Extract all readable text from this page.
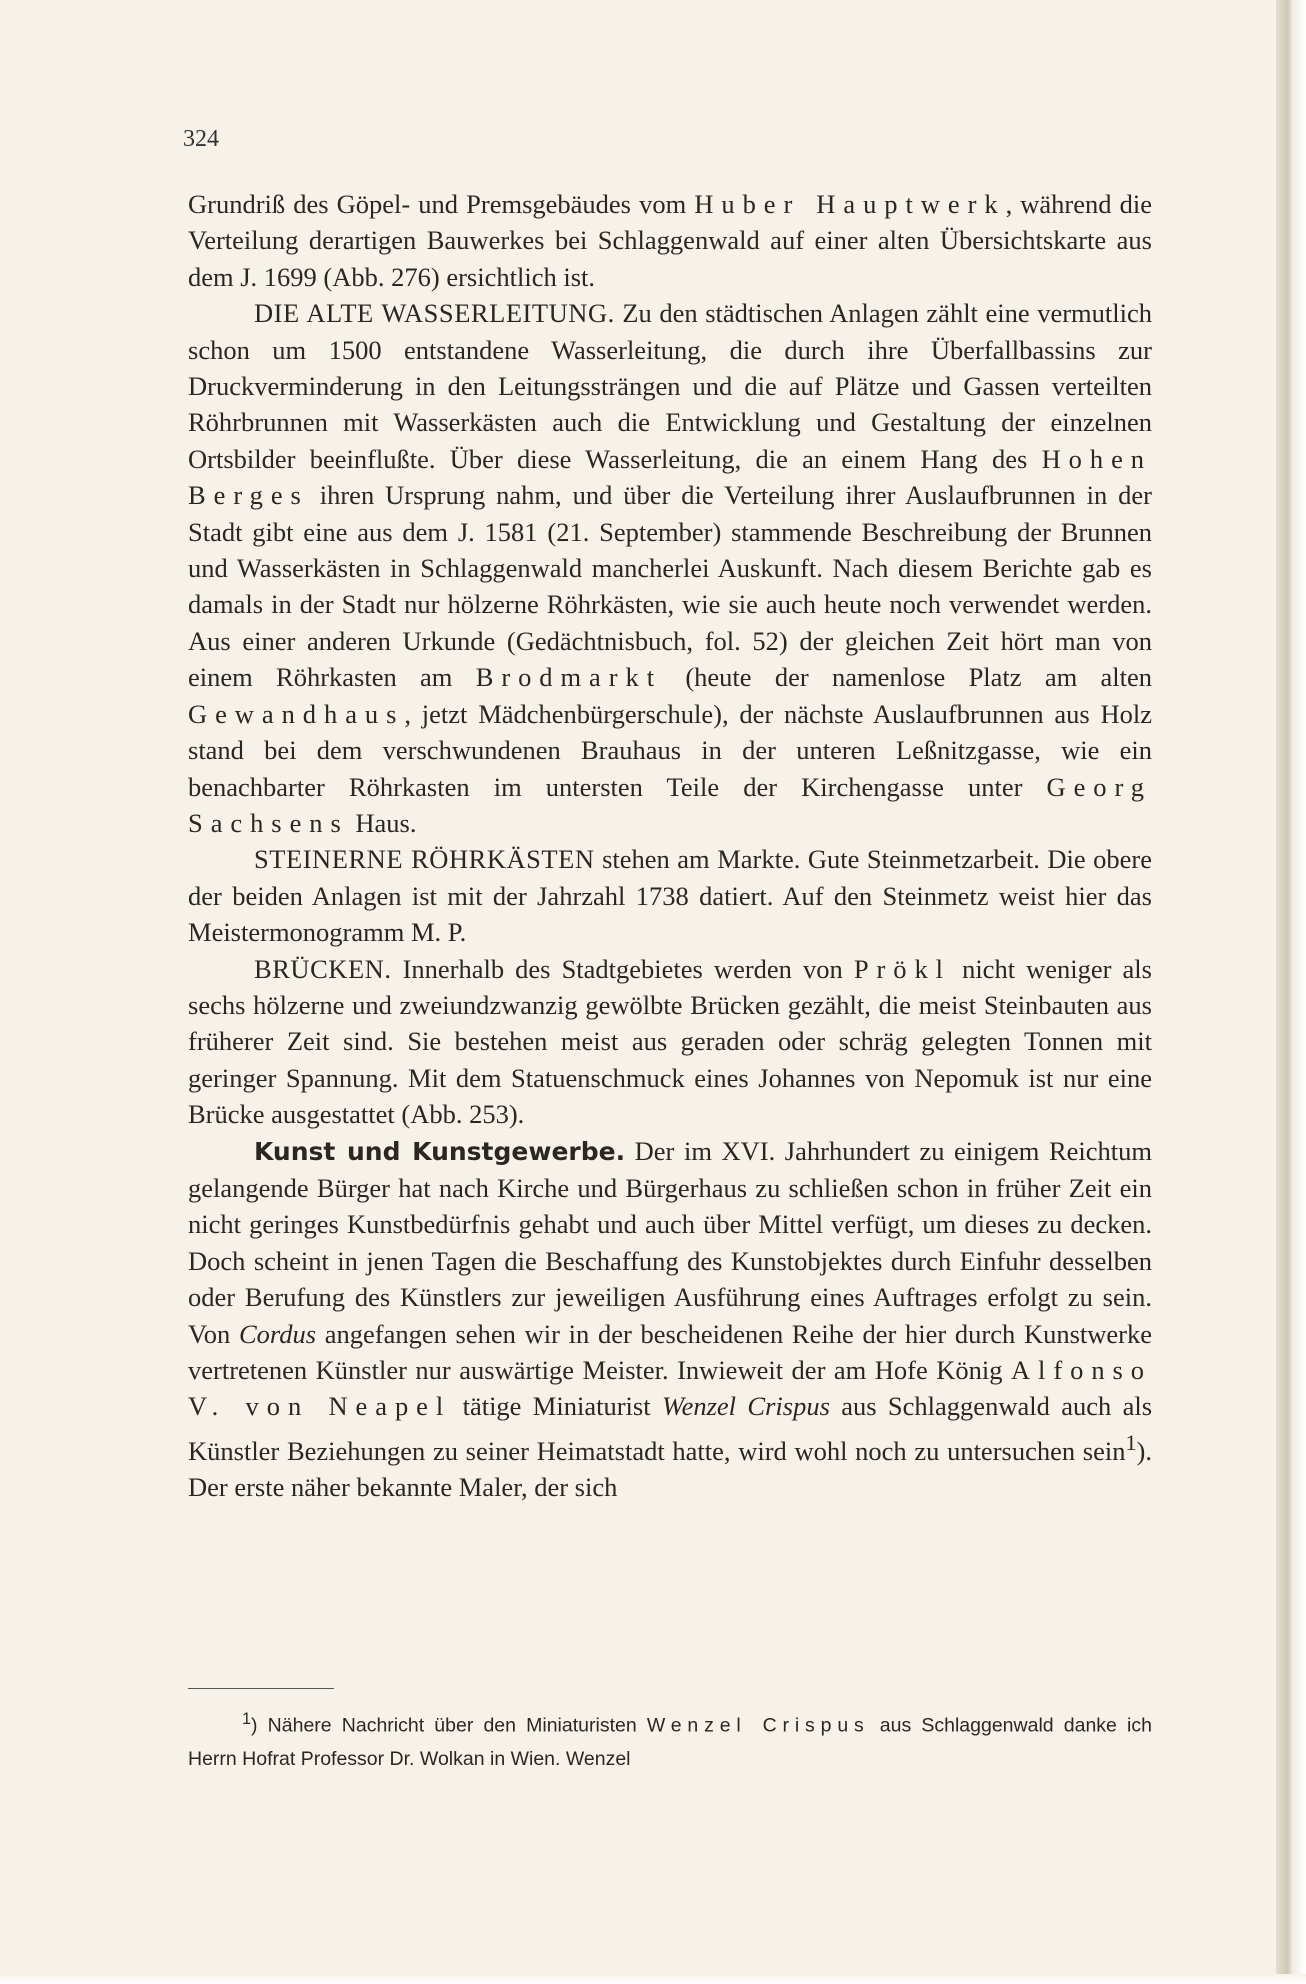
324

Grundriß des Göpel- und Premsgebäudes vom Huber Hauptwerk, während die Verteilung derartigen Bauwerkes bei Schlaggenwald auf einer alten Übersichtskarte aus dem J. 1699 (Abb. 276) ersichtlich ist.

DIE ALTE WASSERLEITUNG. Zu den städtischen Anlagen zählt eine vermutlich schon um 1500 entstandene Wasserleitung, die durch ihre Überfallbassins zur Druckverminderung in den Leitungssträngen und die auf Plätze und Gassen verteilten Röhrbrunnen mit Wasserkästen auch die Entwicklung und Gestaltung der einzelnen Ortsbilder beeinflußte. Über diese Wasserleitung, die an einem Hang des Hohen Berges ihren Ursprung nahm, und über die Verteilung ihrer Auslaufbrunnen in der Stadt gibt eine aus dem J. 1581 (21. September) stammende Beschreibung der Brunnen und Wasserkästen in Schlaggenwald mancherlei Auskunft. Nach diesem Berichte gab es damals in der Stadt nur hölzerne Röhrkästen, wie sie auch heute noch verwendet werden. Aus einer anderen Urkunde (Gedächtnisbuch, fol. 52) der gleichen Zeit hört man von einem Röhrkasten am Brodmarkt (heute der namenlose Platz am alten Gewandhaus, jetzt Mädchenbürgerschule), der nächste Auslaufbrunnen aus Holz stand bei dem verschwundenen Brauhaus in der unteren Leßnitzgasse, wie ein benachbarter Röhrkasten im untersten Teile der Kirchengasse unter Georg Sachsens Haus.

STEINERNE RÖHRKÄSTEN stehen am Markte. Gute Steinmetzarbeit. Die obere der beiden Anlagen ist mit der Jahrzahl 1738 datiert. Auf den Steinmetz weist hier das Meistermonogramm M. P.

BRÜCKEN. Innerhalb des Stadtgebietes werden von Prökl nicht weniger als sechs hölzerne und zweiundzwanzig gewölbte Brücken gezählt, die meist Steinbauten aus früherer Zeit sind. Sie bestehen meist aus geraden oder schräg gelegten Tonnen mit geringer Spannung. Mit dem Statuenschmuck eines Johannes von Nepomuk ist nur eine Brücke ausgestattet (Abb. 253).

Kunst und Kunstgewerbe. Der im XVI. Jahrhundert zu einigem Reichtum gelangende Bürger hat nach Kirche und Bürgerhaus zu schließen schon in früher Zeit ein nicht geringes Kunstbedürfnis gehabt und auch über Mittel verfügt, um dieses zu decken. Doch scheint in jenen Tagen die Beschaffung des Kunstobjektes durch Einfuhr desselben oder Berufung des Künstlers zur jeweiligen Ausführung eines Auftrages erfolgt zu sein. Von Cordus angefangen sehen wir in der bescheidenen Reihe der hier durch Kunstwerke vertretenen Künstler nur auswärtige Meister. Inwieweit der am Hofe König Alfonso V. von Neapel tätige Miniaturist Wenzel Crispus aus Schlaggenwald auch als Künstler Beziehungen zu seiner Heimatstadt hatte, wird wohl noch zu untersuchen sein$^1$). Der erste näher bekannte Maler, der sich

$^1$) Nähere Nachricht über den Miniaturisten Wenzel Crispus aus Schlaggenwald danke ich Herrn Hofrat Professor Dr. Wolkan in Wien. Wenzel
